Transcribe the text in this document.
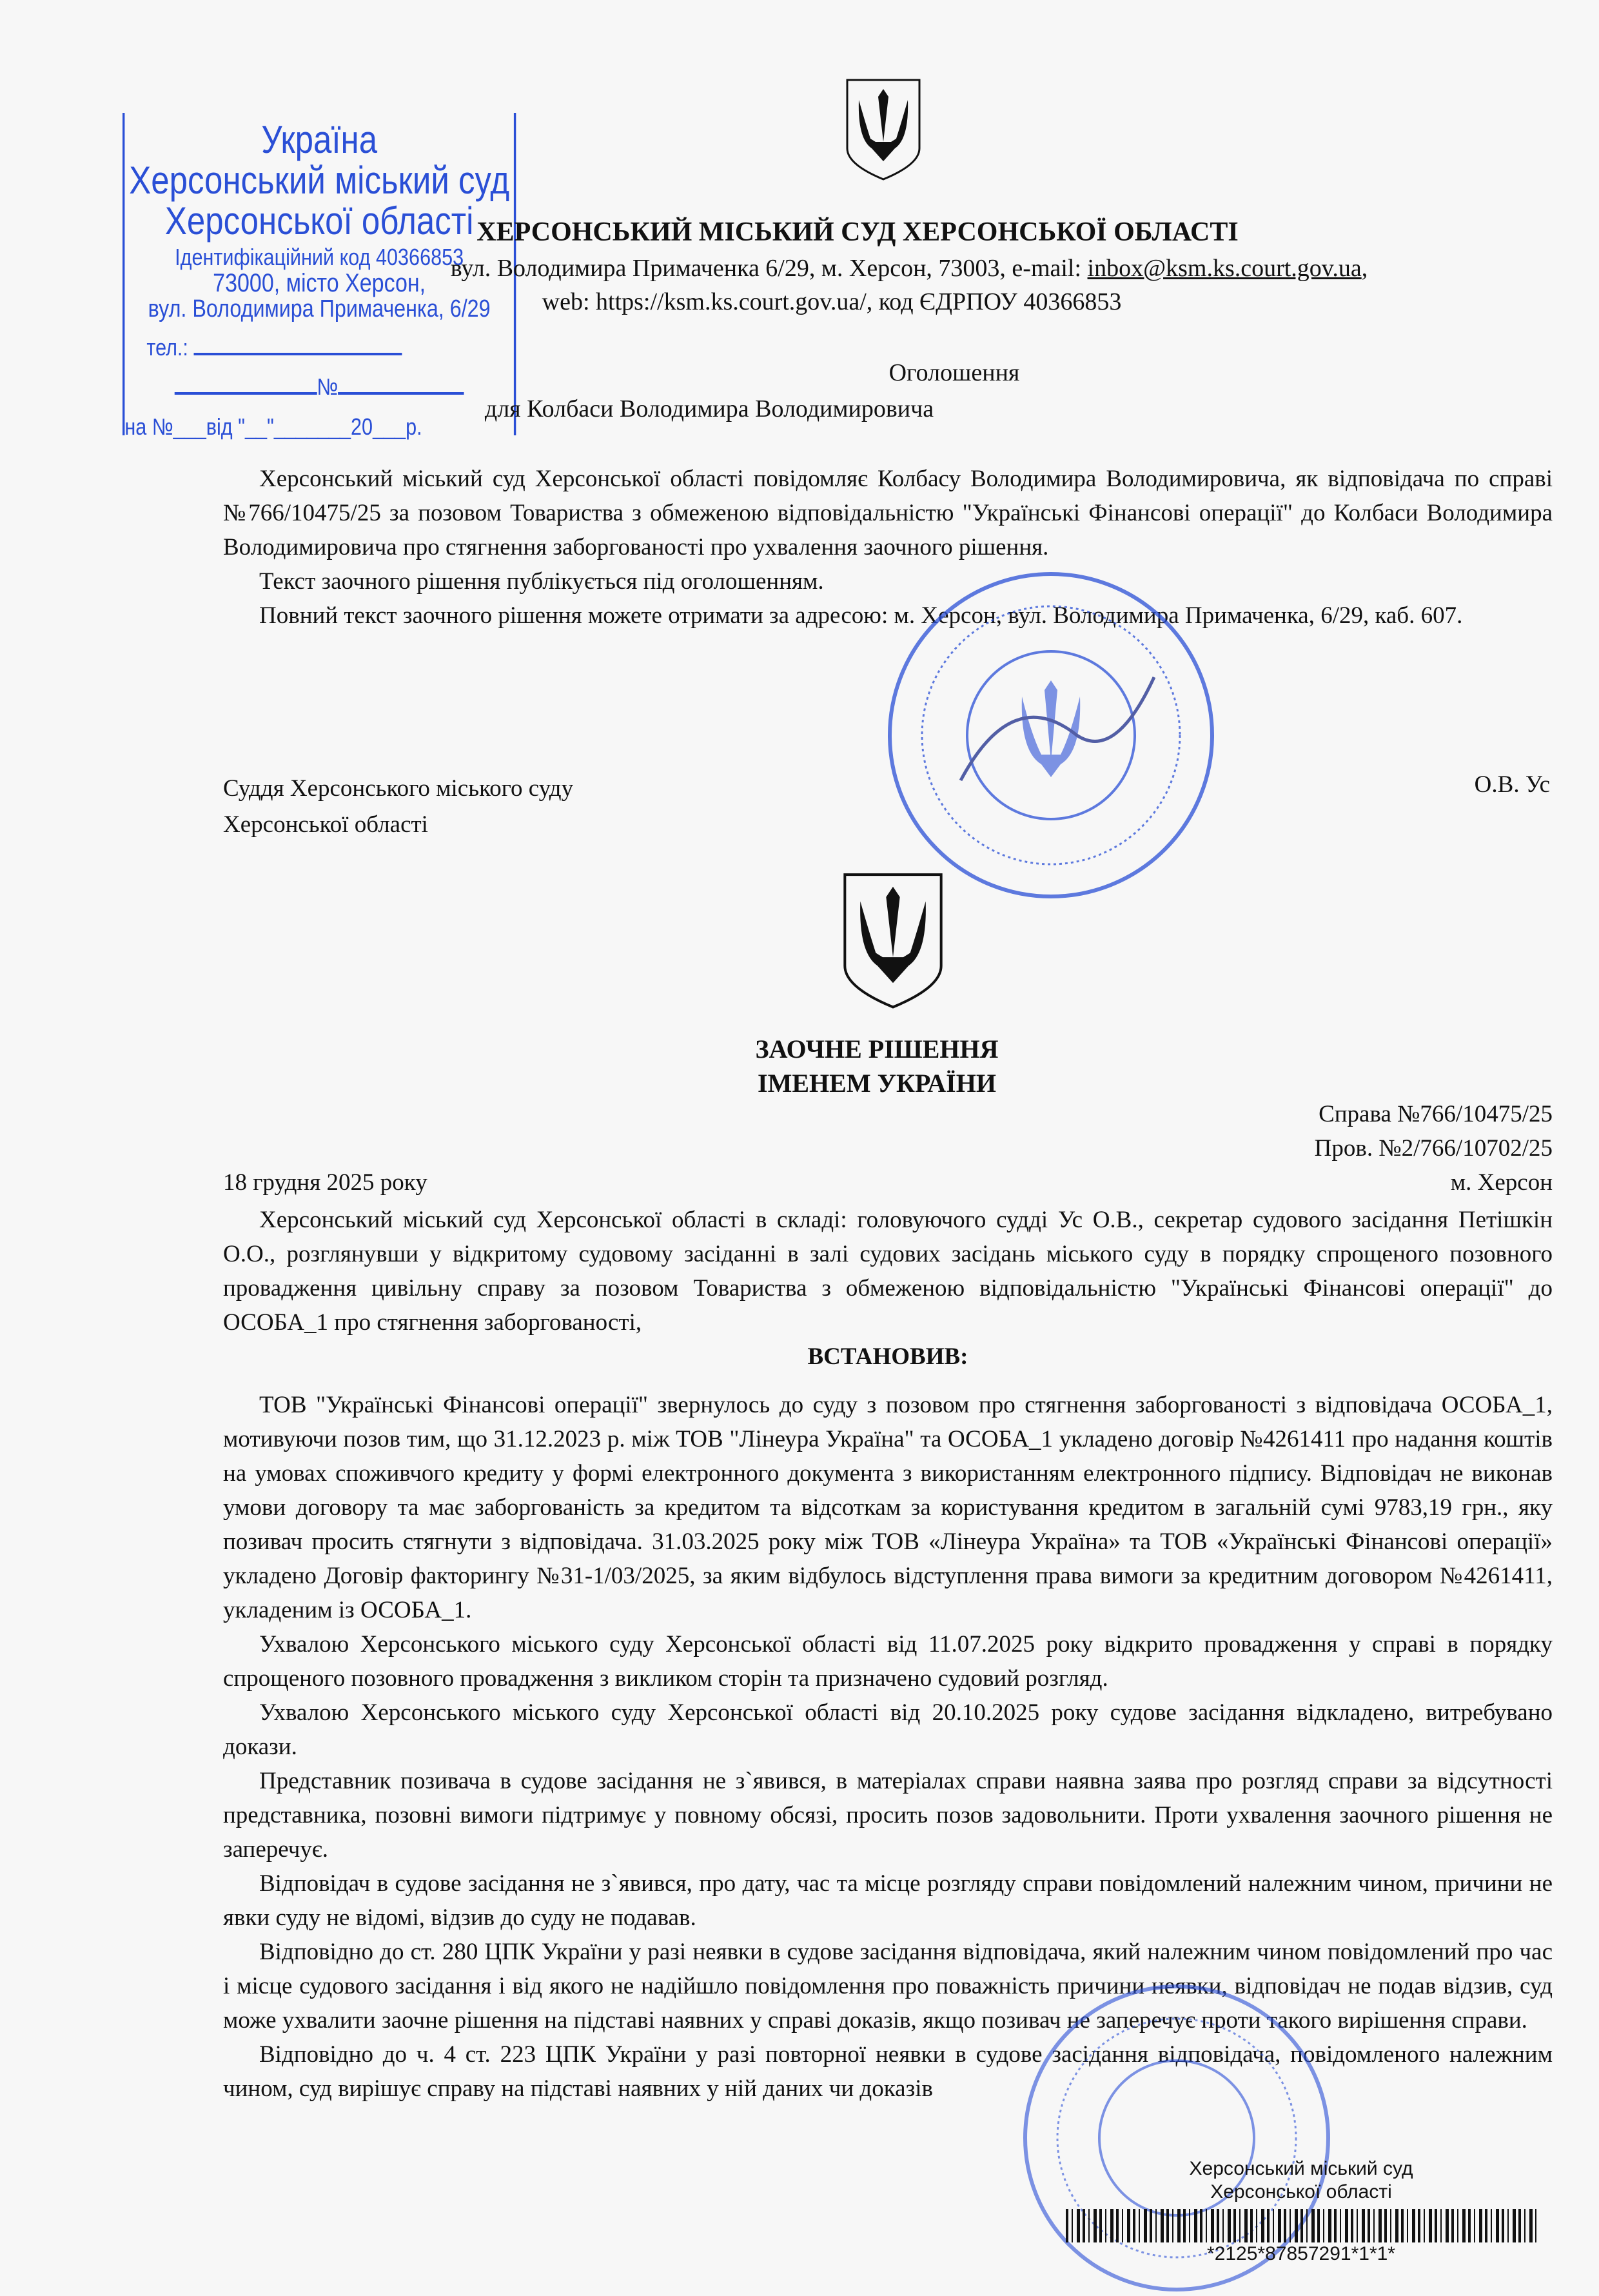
Україна
Херсонський міський суд
Херсонської області
Ідентифікаційний код 40366853
73000, місто Херсон,
вул. Володимира Примаченка, 6/29
тел.:
№
на №___від "__"_______20___р.
ХЕРСОНСЬКИЙ МІСЬКИЙ СУД ХЕРСОНСЬКОЇ ОБЛАСТІ
вул. Володимира Примаченка 6/29, м. Херсон, 73003, e-mail: inbox@ksm.ks.court.gov.ua,
web: https://ksm.ks.court.gov.ua/, код ЄДРПОУ 40366853
Оголошення
для Колбаси Володимира Володимировича

Херсонський міський суд Херсонської області повідомляє Колбасу Володимира Володимировича, як відповідача по справі №766/10475/25 за позовом Товариства з обмеженою відповідальністю "Українські Фінансові операції" до Колбаси Володимира Володимировича про стягнення заборгованості про ухвалення заочного рішення.

Текст заочного рішення публікується під оголошенням.

Повний текст заочного рішення можете отримати за адресою: м. Херсон, вул. Володимира Примаченка, 6/29, каб. 607.

Суддя Херсонського міського суду
Херсонської області
О.В. Ус
ЗАОЧНЕ РІШЕННЯ
ІМЕНЕМ УКРАЇНИ
Справа №766/10475/25
Пров. №2/766/10702/25
18 грудня 2025 року	м. Херсон

Херсонський міський суд Херсонської області в складі: головуючого судді Ус О.В., секретар судового засідання Петішкін О.О., розглянувши у відкритому судовому засіданні в залі судових засідань міського суду в порядку спрощеного позовного провадження цивільну справу за позовом Товариства з обмеженою відповідальністю "Українські Фінансові операції" до ОСОБА_1 про стягнення заборгованості,

ВСТАНОВИВ:

ТОВ "Українські Фінансові операції" звернулось до суду з позовом про стягнення заборгованості з відповідача ОСОБА_1, мотивуючи позов тим, що 31.12.2023 р. між ТОВ "Лінеура Україна" та ОСОБА_1 укладено договір №4261411 про надання коштів на умовах споживчого кредиту у формі електронного документа з використанням електронного підпису. Відповідач не виконав умови договору та має заборгованість за кредитом та відсоткам за користування кредитом в загальній сумі 9783,19 грн., яку позивач просить стягнути з відповідача. 31.03.2025 року між ТОВ «Лінеура Україна» та ТОВ «Українські Фінансові операції» укладено Договір факторингу №31-1/03/2025, за яким відбулось відступлення права вимоги за кредитним договором №4261411, укладеним із ОСОБА_1.

Ухвалою Херсонського міського суду Херсонської області від 11.07.2025 року відкрито провадження у справі в порядку спрощеного позовного провадження з викликом сторін та призначено судовий розгляд.

Ухвалою Херсонського міського суду Херсонської області від 20.10.2025 року судове засідання відкладено, витребувано докази.

Представник позивача в судове засідання не з`явився, в матеріалах справи наявна заява про розгляд справи за відсутності представника, позовні вимоги підтримує у повному обсязі, просить позов задовольнити. Проти ухвалення заочного рішення не заперечує.

Відповідач в судове засідання не з`явився, про дату, час та місце розгляду справи повідомлений належним чином, причини не явки суду не відомі, відзив до суду не подавав.

Відповідно до ст. 280 ЦПК України у разі неявки в судове засідання відповідача, який належним чином повідомлений про час і місце судового засідання і від якого не надійшло повідомлення про поважність причини неявки, відповідач не подав відзив, суд може ухвалити заочне рішення на підставі наявних у справі доказів, якщо позивач не заперечує проти такого вирішення справи.

Відповідно до ч. 4 ст. 223 ЦПК України у разі повторної неявки в судове засідання відповідача, повідомленого належним чином, суд вирішує справу на підставі наявних у ній даних чи доказів

Херсонський міський суд
Херсонської області
*2125*87857291*1*1*
